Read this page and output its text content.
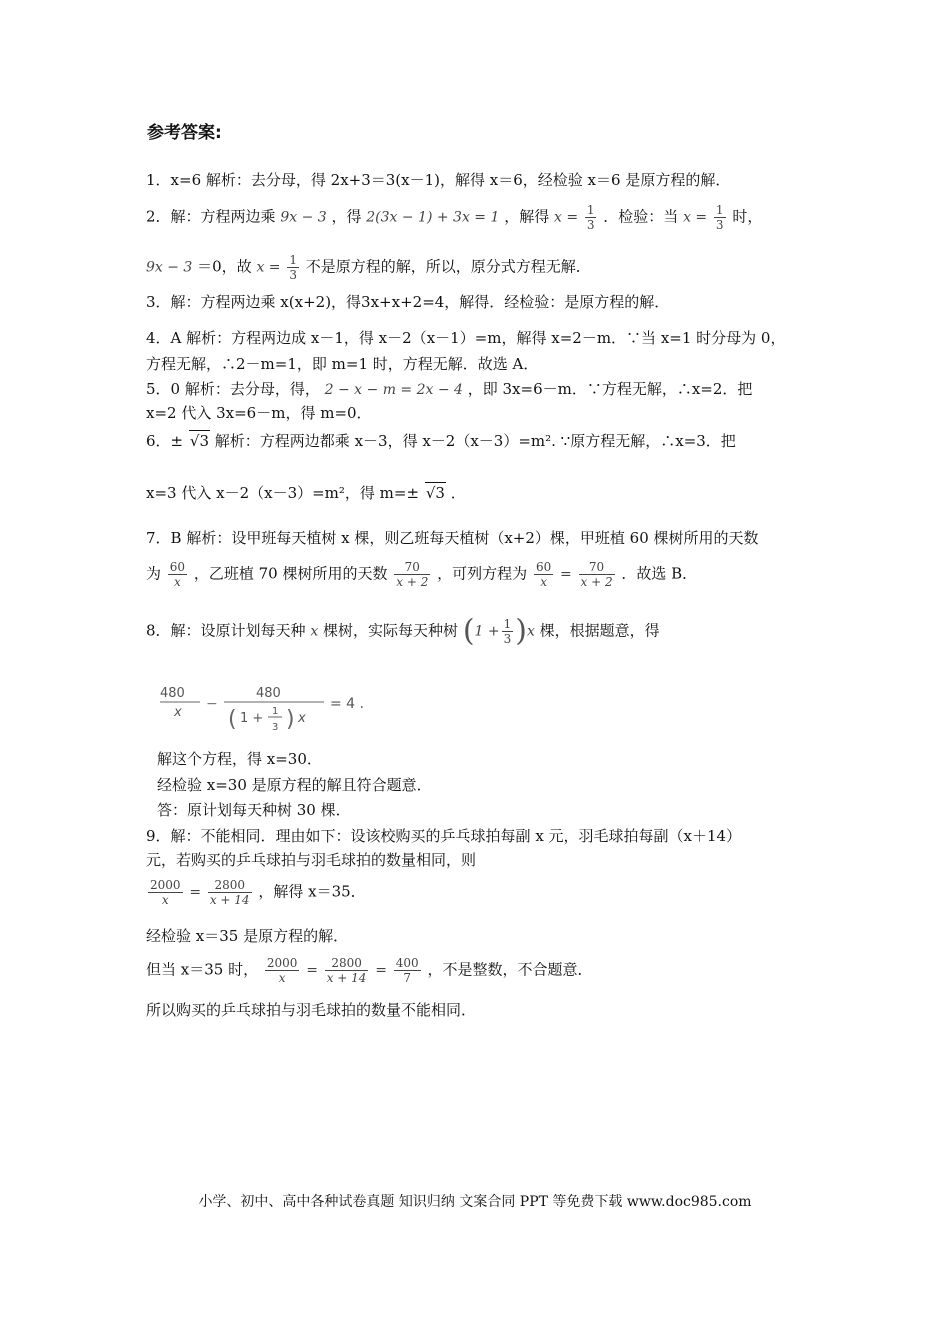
参考答案:
1．x=6 解析：去分母，得 2x+3＝3(x－1)，解得 x＝6，经检验 x＝6 是原方程的解．
2．解：方程两边乘 9x − 3 ，得 2(3x − 1) + 3x = 1 ，解得 $x = \frac{1}{3}$ ．检验：当 $x = \frac{1}{3}$ 时，
9x − 3 ＝0，故 $x = \frac{1}{3}$ 不是原方程的解，所以，原分式方程无解．
3．解：方程两边乘 x(x+2)，得3x+x+2=4，解得．经检验：是原方程的解．
4．A 解析：方程两边成 x－1，得 x－2（x－1）=m，解得 x=2－m．∵当 x=1 时分母为 0，
方程无解，∴2－m=1，即 m=1 时，方程无解．故选 A．
5．0 解析：去分母，得， 2 − x − m = 2x − 4 ，即 3x=6－m．∵方程无解，∴x=2．把
x=2 代入 3x=6－m，得 m=0．
6．± √ 3 解析：方程两边都乘 x－3，得 x－2（x－3）=m². ∵原方程无解，∴x=3．把
x=3 代入 x－2（x－3）=m²，得 m=± √ 3 ．
7．B 解析：设甲班每天植树 x 棵，则乙班每天植树（x+2）棵，甲班植 60 棵树所用的天数
为 $\frac{60}{x}$ ，乙班植 70 棵树所用的天数 $\frac{70}{x + 2}$ ，可列方程为 $\frac{60}{x} = \frac{70}{x + 2}$ ．故选 B．
8．解：设原计划每天种 x 棵树，实际每天种树 $(1 + \frac{1}{3} )x$ 棵，根据题意，得
480
x
−
480
( 1 + 1
3 ) x
= 4 .
解这个方程，得 x=30．
经检验 x=30 是原方程的解且符合题意．
答：原计划每天种树 30 棵．
9．解：不能相同．理由如下：设该校购买的乒乓球拍每副 x 元，羽毛球拍每副（x＋14）
元，若购买的乒乓球拍与羽毛球拍的数量相同，则
$\frac{2000}{x} = \frac{2800}{x + 14}$ ，解得 x＝35．
经检验 x＝35 是原方程的解．
但当 x＝35 时， $\frac{2000}{x} = \frac{2800}{x + 14} = \frac{400}{7}$ ，不是整数，不合题意．
所以购买的乒乓球拍与羽毛球拍的数量不能相同．
小学、初中、高中各种试卷真题 知识归纳 文案合同 PPT 等免费下载 www.doc985.com
